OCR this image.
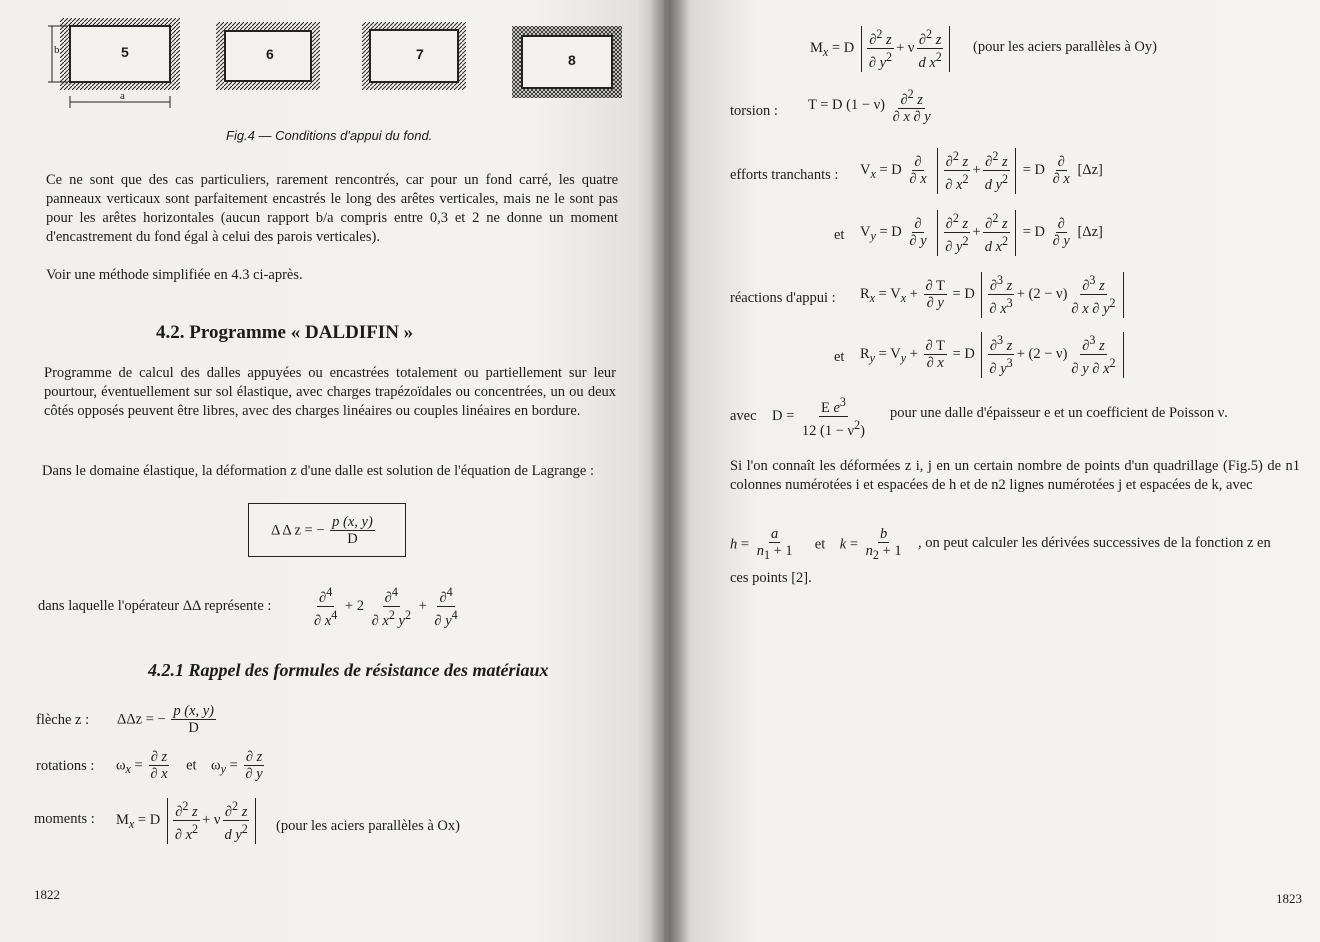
b
a
5	6	7	8
Fig.4 — Conditions d'appui du fond.
Ce ne sont que des cas particuliers, rarement rencontrés, car pour un fond carré, les quatre panneaux verticaux sont parfaitement encastrés le long des arêtes verticales, mais ne le sont pas pour les arêtes horizontales (aucun rapport b/a compris entre 0,3 et 2 ne donne un moment d'encastrement du fond égal à celui des parois verticales).
Voir une méthode simplifiée en 4.3 ci-après.
4.2. Programme « DALDIFIN »
Programme de calcul des dalles appuyées ou encastrées totalement ou partiellement sur leur pourtour, éventuellement sur sol élastique, avec charges trapézoïdales ou concentrées, un ou deux côtés opposés peuvent être libres, avec des charges linéaires ou couples linéaires en bordure.
Dans le domaine élastique, la déformation z d'une dalle est solution de l'équation de Lagrange :
Δ Δ z = − $\frac{p (x, y)}{D}$
dans laquelle l'opérateur ΔΔ représente :	$\frac{\partial^4}{\partial x^4} + 2 \frac{\partial^4}{\partial x^2 y^2} + \frac{\partial^4}{\partial y^4}$
4.2.1 Rappel des formules de résistance des matériaux
flèche z : ΔΔz = − $\frac{p (x, y)}{D}$
rotations : $\omega_x = \frac{\partial z}{\partial x}$ et    $\omega_y = \frac{\partial z}{\partial y}$
moments : $M_x = D$
∂$^2$ z
∂ $x^2$
+ ν
∂$^2$ z
d $y^2$ (pour les aciers parallèles à Ox)
1822
$M_x = D$
∂$^2$ z
∂ $y^2$
+ ν
∂$^2$ z
d $x^2$
(pour les aciers parallèles à Oy)
torsion : T = D $(1 - \nu) \frac{\partial^2 z}{\partial x \partial y}$
efforts tranchants : $V_x = D$
∂
∂ x

∂$^2$ z
∂ $x^2$
+
∂$^2$ z
d $y^2$
= D
∂
∂ x
[Δz]
et $V_y = D$
∂
∂ y

∂$^2$ z
∂ $y^2$
+
∂$^2$ z
d $x^2$
= D
∂
∂ y
[Δz]
réactions d'appui : $R_x = V_x + \frac{\partial T}{\partial y} = D$
∂$^3$ z
∂ $x^3$
+ (2 − ν)
∂$^3$ z
∂ x ∂ $y^2$
et $R_y = V_y + \frac{\partial T}{\partial x} = D$
∂$^3$ z
∂ $y^3$
+ (2 − ν)
∂$^3$ z
∂ y ∂ $x^2$
avec $D = \frac{E e^3}{12 (1 - \nu^2)}$ pour une dalle d'épaisseur e et un coefficient de Poisson ν.
Si l'on connaît les déformées z i, j en un certain nombre de points d'un quadrillage (Fig.5) de n1 colonnes numérotées i et espacées de h et de n2 lignes numérotées j et espacées de k, avec
$h = \frac{a}{n_1 + 1}$ et    $k = \frac{b}{n_2 + 1}$ , on peut calculer les dérivées successives de la fonction z en
ces points [2].
1823
